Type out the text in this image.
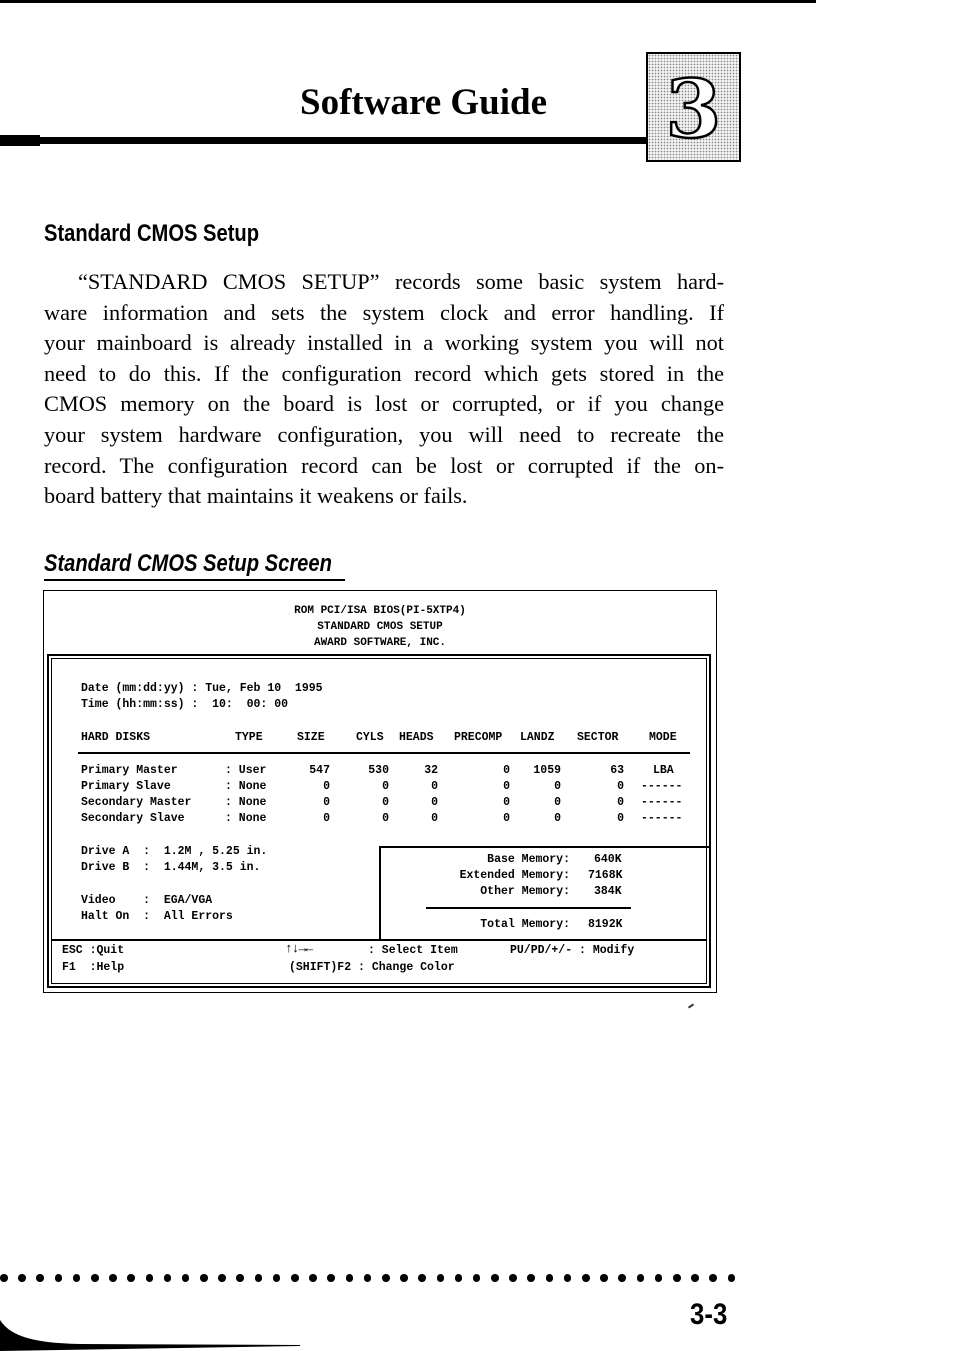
Software Guide	3
Standard CMOS Setup
“STANDARD CMOS SETUP” records some basic system hard-
ware information and sets the system clock and error handling. If
your mainboard is already installed in a working system you will not
need to do this. If the configuration record which gets stored in the
CMOS memory on the board is lost or corrupted, or if you change
your system hardware configuration, you will need to recreate the
record. The configuration record can be lost or corrupted if the on-
board battery that maintains it weakens or fails.
Standard CMOS Setup Screen
ROM PCI/ISA BIOS(PI-5XTP4)
STANDARD CMOS SETUP
AWARD SOFTWARE, INC.
Date (mm:dd:yy) : Tue, Feb 10  1995
Time (hh:mm:ss) :  10:  00: 00
HARD DISKS	TYPE	SIZE	CYLS HEADS PRECOMP LANDZ SECTOR	MODE
Primary Master	: User	547	530	32	0	1059	63	LBA
Primary Slave	: None	0	0	0	0	0	0 ------
Secondary Master	: None	0	0	0	0	0	0 ------
Secondary Slave	: None	0	0	0	0	0	0 ------
Drive A  :  1.2M , 5.25 in.
Drive B  :  1.44M, 3.5 in.
Video    :  EGA/VGA
Halt On  :  All Errors
Base Memory: 640K
Extended Memory: 7168K
Other Memory: 384K
Total Memory: 8192K
ESC :Quit
F1  :Help
↑↓→←	: Select Item	PU/PD/+/- : Modify
(SHIFT)F2 : Change Color
3-3
